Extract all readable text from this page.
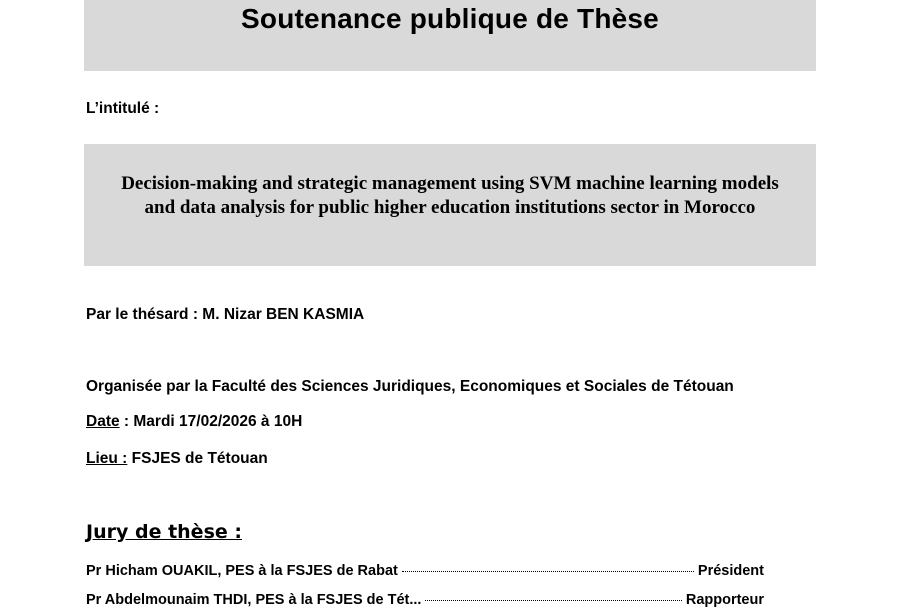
Soutenance publique de Thèse
L’intitulé :

Decision-making and strategic management using SVM machine learning models and data analysis for public higher education institutions sector in Morocco

Par le thésard : M. Nizar BEN KASMIA
Organisée par la Faculté des Sciences Juridiques, Economiques et Sociales de Tétouan
Date : Mardi 17/02/2026 à 10H
Lieu : FSJES de Tétouan
Jury de thèse :
Pr Hicham OUAKIL, PES à la FSJES de Rabat	Président
Pr Abdelmounaim THDI, PES à la FSJES de Tét...	Rapporteur
